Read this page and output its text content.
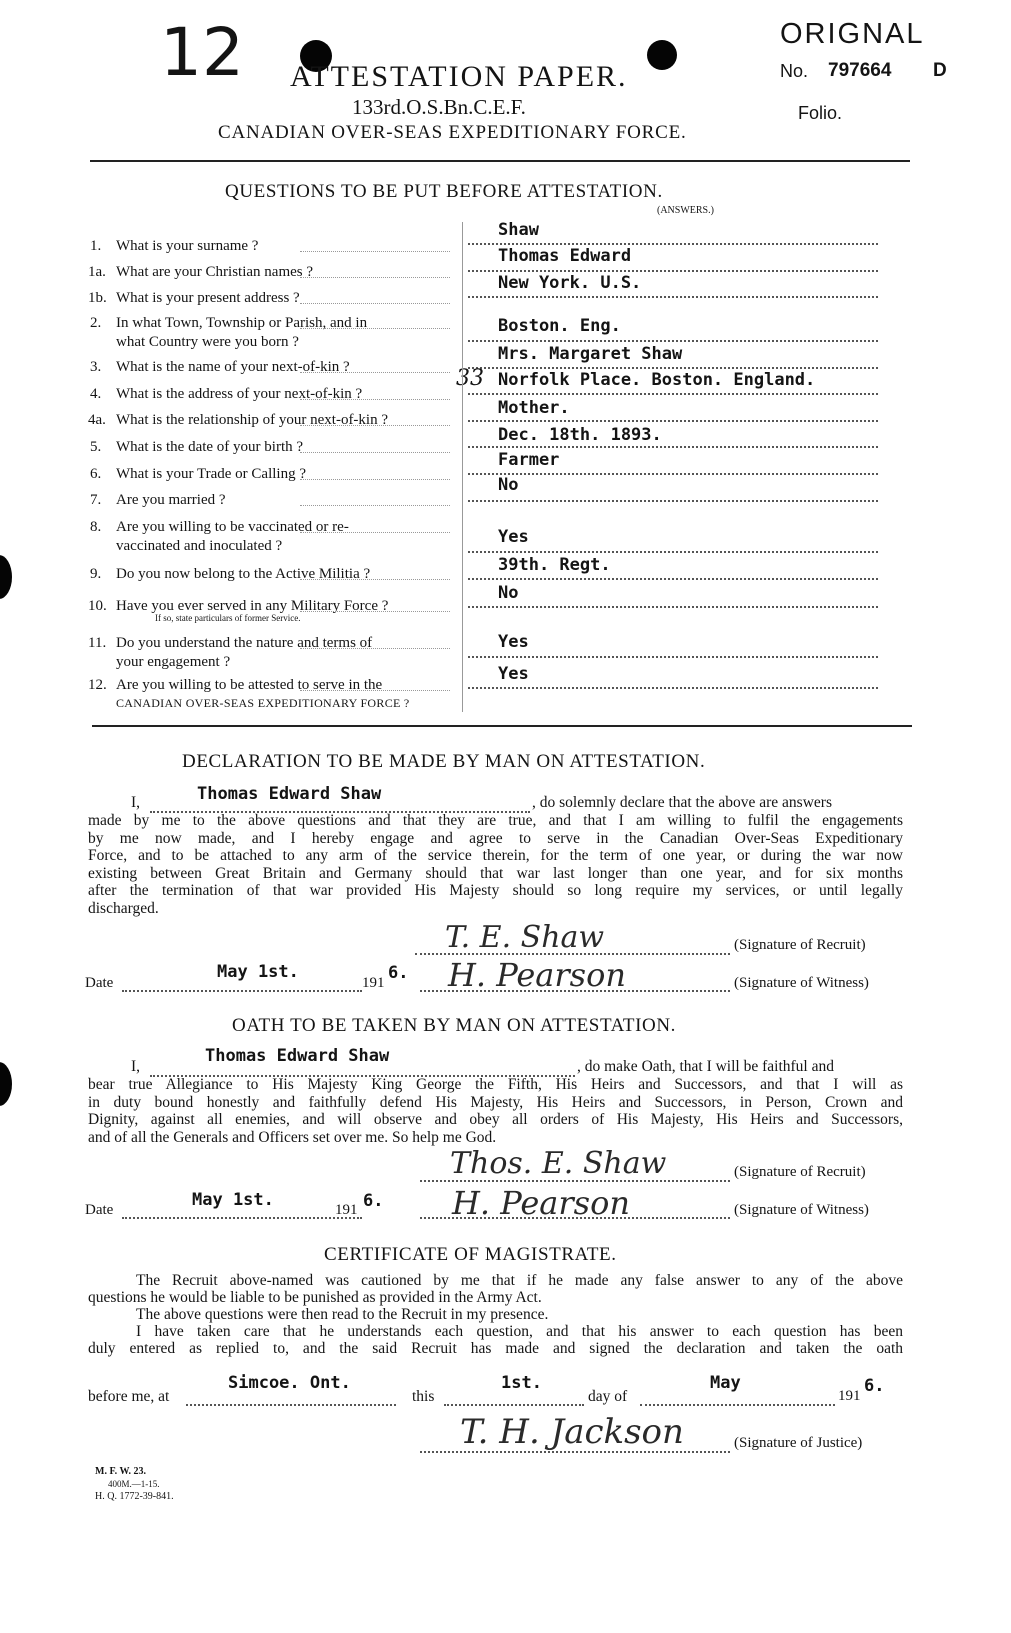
12	ORIGNAL
No. 797664 D
Folio.
ATTESTATION PAPER.
133rd.O.S.Bn.C.E.F.
CANADIAN OVER-SEAS EXPEDITIONARY FORCE.
QUESTIONS TO BE PUT BEFORE ATTESTATION.
(ANSWERS.)
1. What is your surname ?
Shaw
1a. What are your Christian names ?
Thomas Edward
1b. What is your present address ?
New York. U.S.
2. In what Town, Township or Parish, and in
what Country were you born ?
Boston. Eng.
3. What is the name of your next-of-kin ?
Mrs. Margaret Shaw
4. What is the address of your next-of-kin ?
33 Norfolk Place. Boston. England.
4a. What is the relationship of your next-of-kin ?
Mother.
5. What is the date of your birth ?
Dec. 18th. 1893.
6. What is your Trade or Calling ?
Farmer
7. Are you married ?
No
8. Are you willing to be vaccinated or re-
vaccinated and inoculated ?	Yes
9. Do you now belong to the Active Militia ?	39th. Regt.
10. Have you ever served in any Military Force ?
If so, state particulars of former Service.
No
11. Do you understand the nature and terms of
your engagement ?
Yes
12. Are you willing to be attested to serve in the
CANADIAN OVER-SEAS EXPEDITIONARY FORCE ?
Yes
DECLARATION TO BE MADE BY MAN ON ATTESTATION.
I,	Thomas Edward Shaw	, do solemnly declare that the above are answers
made by me to the above questions and that they are true, and that I am willing to fulfil the engagements
by me now made, and I hereby engage and agree to serve in the Canadian Over-Seas Expeditionary
Force, and to be attached to any arm of the service therein, for the term of one year, or during the war now
existing between Great Britain and Germany should that war last longer than one year, and for six months
after the termination of that war provided His Majesty should so long require my services, or until legally
discharged.
T. E. Shaw	(Signature of Recruit)
Date
May 1st.
191 6. H. Pearson	(Signature of Witness)
OATH TO BE TAKEN BY MAN ON ATTESTATION.
I,
Thomas Edward Shaw
, do make Oath, that I will be faithful and
bear true Allegiance to His Majesty King George the Fifth, His Heirs and Successors, and that I will as
in duty bound honestly and faithfully defend His Majesty, His Heirs and Successors, in Person, Crown and
Dignity, against all enemies, and will observe and obey all orders of His Majesty, His Heirs and Successors,
and of all the Generals and Officers set over me. So help me God.
Thos. E. Shaw	(Signature of Recruit)
Date	May 1st.	191 6. H. Pearson	(Signature of Witness)
CERTIFICATE OF MAGISTRATE.
The Recruit above-named was cautioned by me that if he made any false answer to any of the above
questions he would be liable to be punished as provided in the Army Act.
The above questions were then read to the Recruit in my presence.
I have taken care that he understands each question, and that his answer to each question has been
duly entered as replied to, and the said Recruit has made and signed the declaration and taken the oath
before me, at
Simcoe. Ont.
this
1st.
day of
May
191 6.
T. H. Jackson	(Signature of Justice)
M. F. W. 23.
400M.—1-15.
H. Q. 1772-39-841.
